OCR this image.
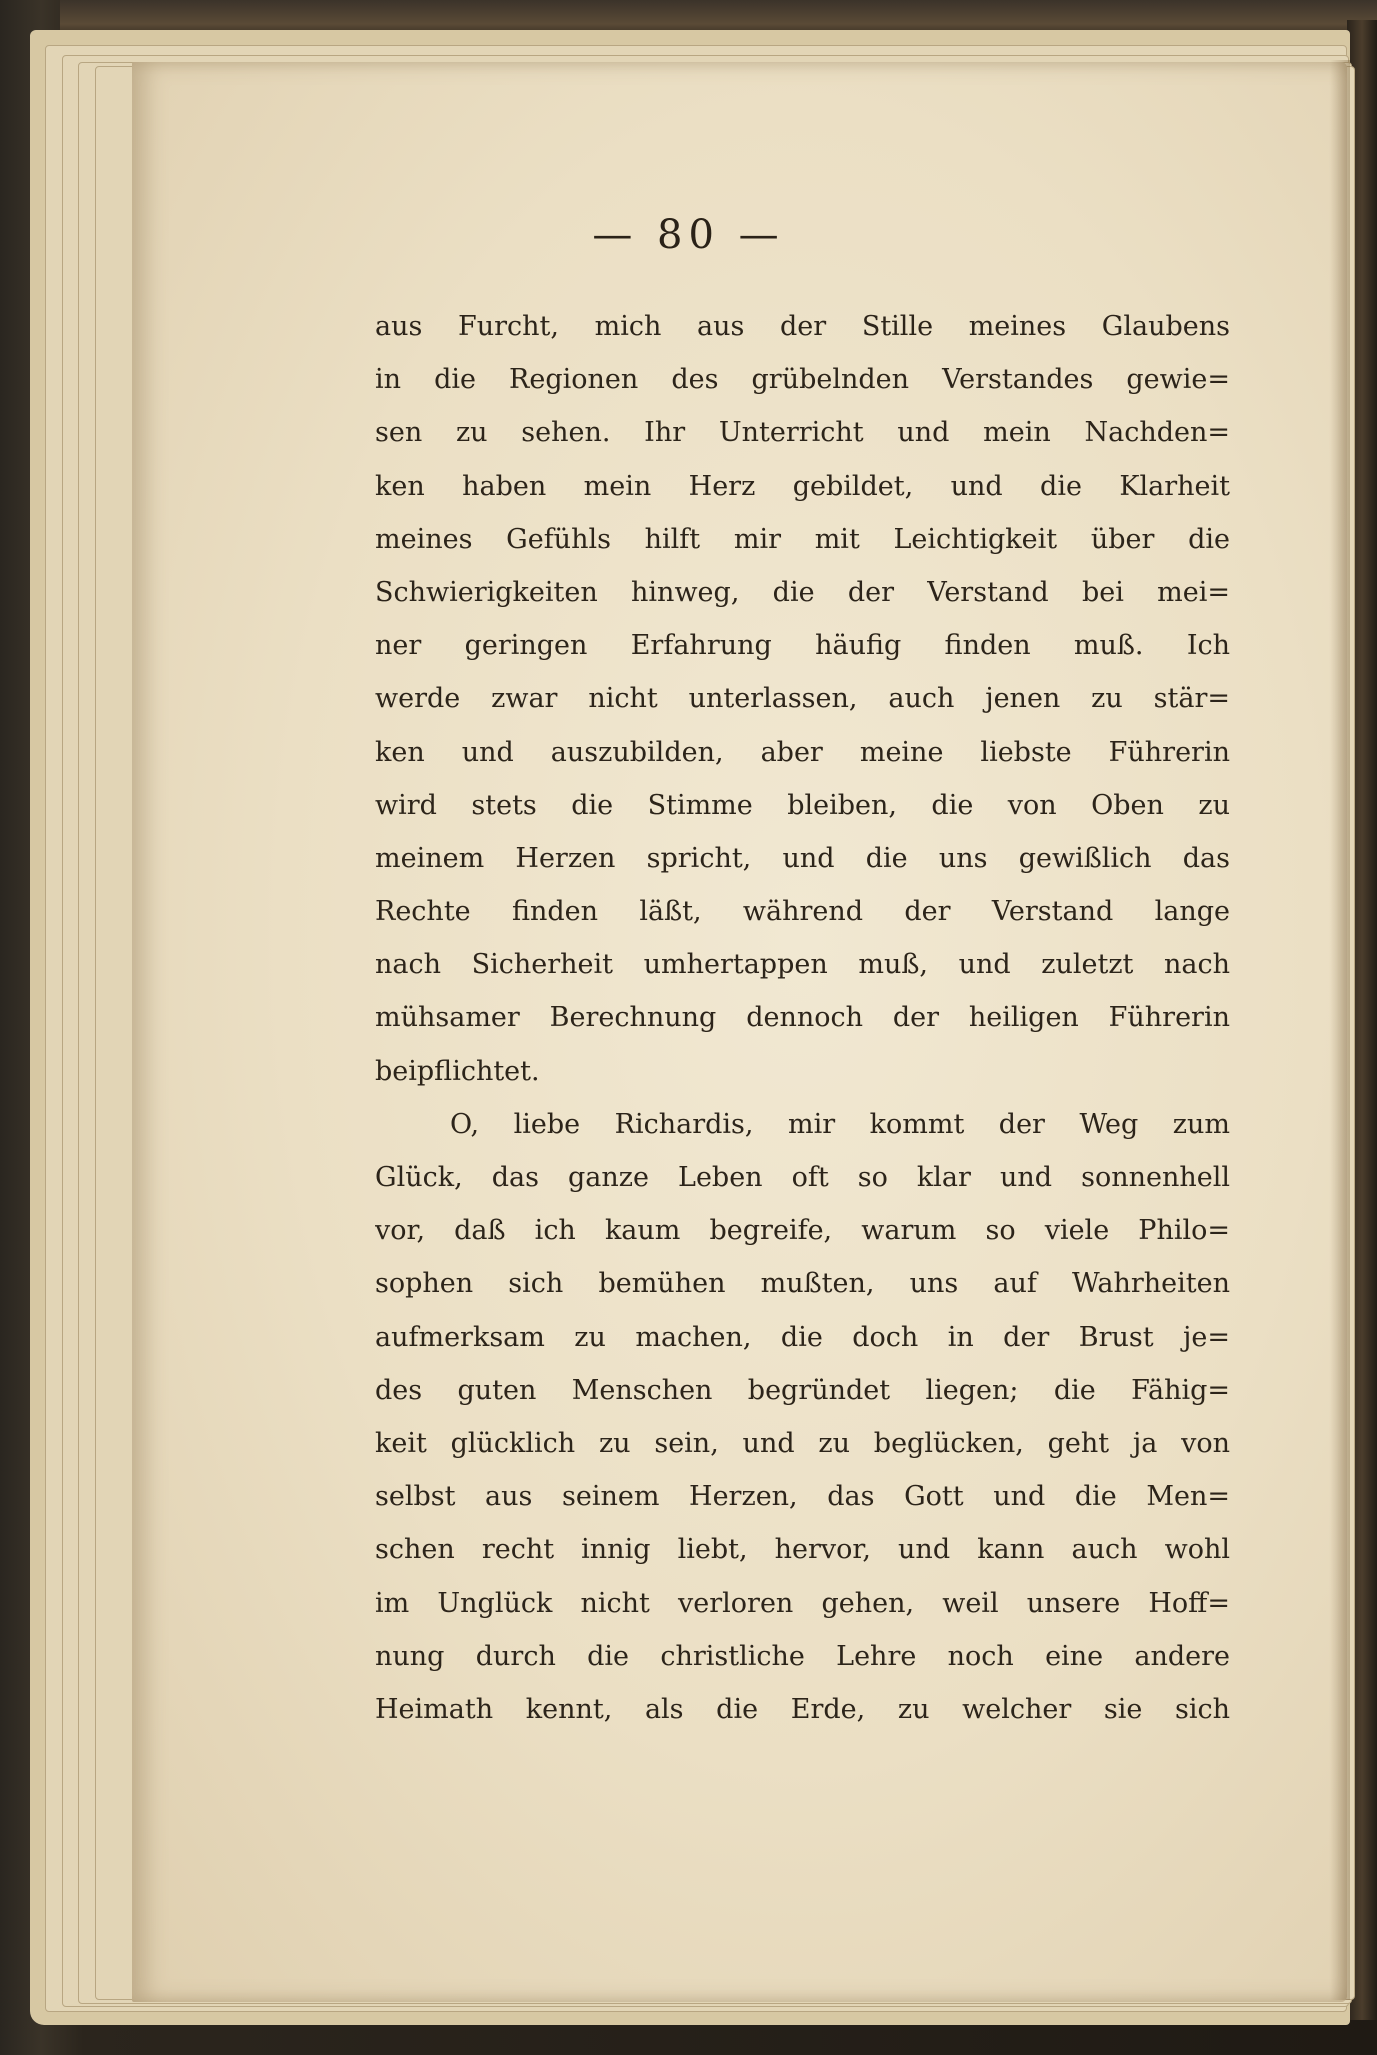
— 80 —
aus Furcht, mich aus der Stille meines Glaubens
in die Regionen des grübelnden Verstandes gewie=
sen zu sehen. Ihr Unterricht und mein Nachden=
ken haben mein Herz gebildet, und die Klarheit
meines Gefühls hilft mir mit Leichtigkeit über die
Schwierigkeiten hinweg, die der Verstand bei mei=
ner geringen Erfahrung häufig finden muß. Ich
werde zwar nicht unterlassen, auch jenen zu stär=
ken und auszubilden, aber meine liebste Führerin
wird stets die Stimme bleiben, die von Oben zu
meinem Herzen spricht, und die uns gewißlich das
Rechte finden läßt, während der Verstand lange
nach Sicherheit umhertappen muß, und zuletzt nach
mühsamer Berechnung dennoch der heiligen Führerin
beipflichtet.
O, liebe Richardis, mir kommt der Weg zum
Glück, das ganze Leben oft so klar und sonnenhell
vor, daß ich kaum begreife, warum so viele Philo=
sophen sich bemühen mußten, uns auf Wahrheiten
aufmerksam zu machen, die doch in der Brust je=
des guten Menschen begründet liegen; die Fähig=
keit glücklich zu sein, und zu beglücken, geht ja von
selbst aus seinem Herzen, das Gott und die Men=
schen recht innig liebt, hervor, und kann auch wohl
im Unglück nicht verloren gehen, weil unsere Hoff=
nung durch die christliche Lehre noch eine andere
Heimath kennt, als die Erde, zu welcher sie sich
